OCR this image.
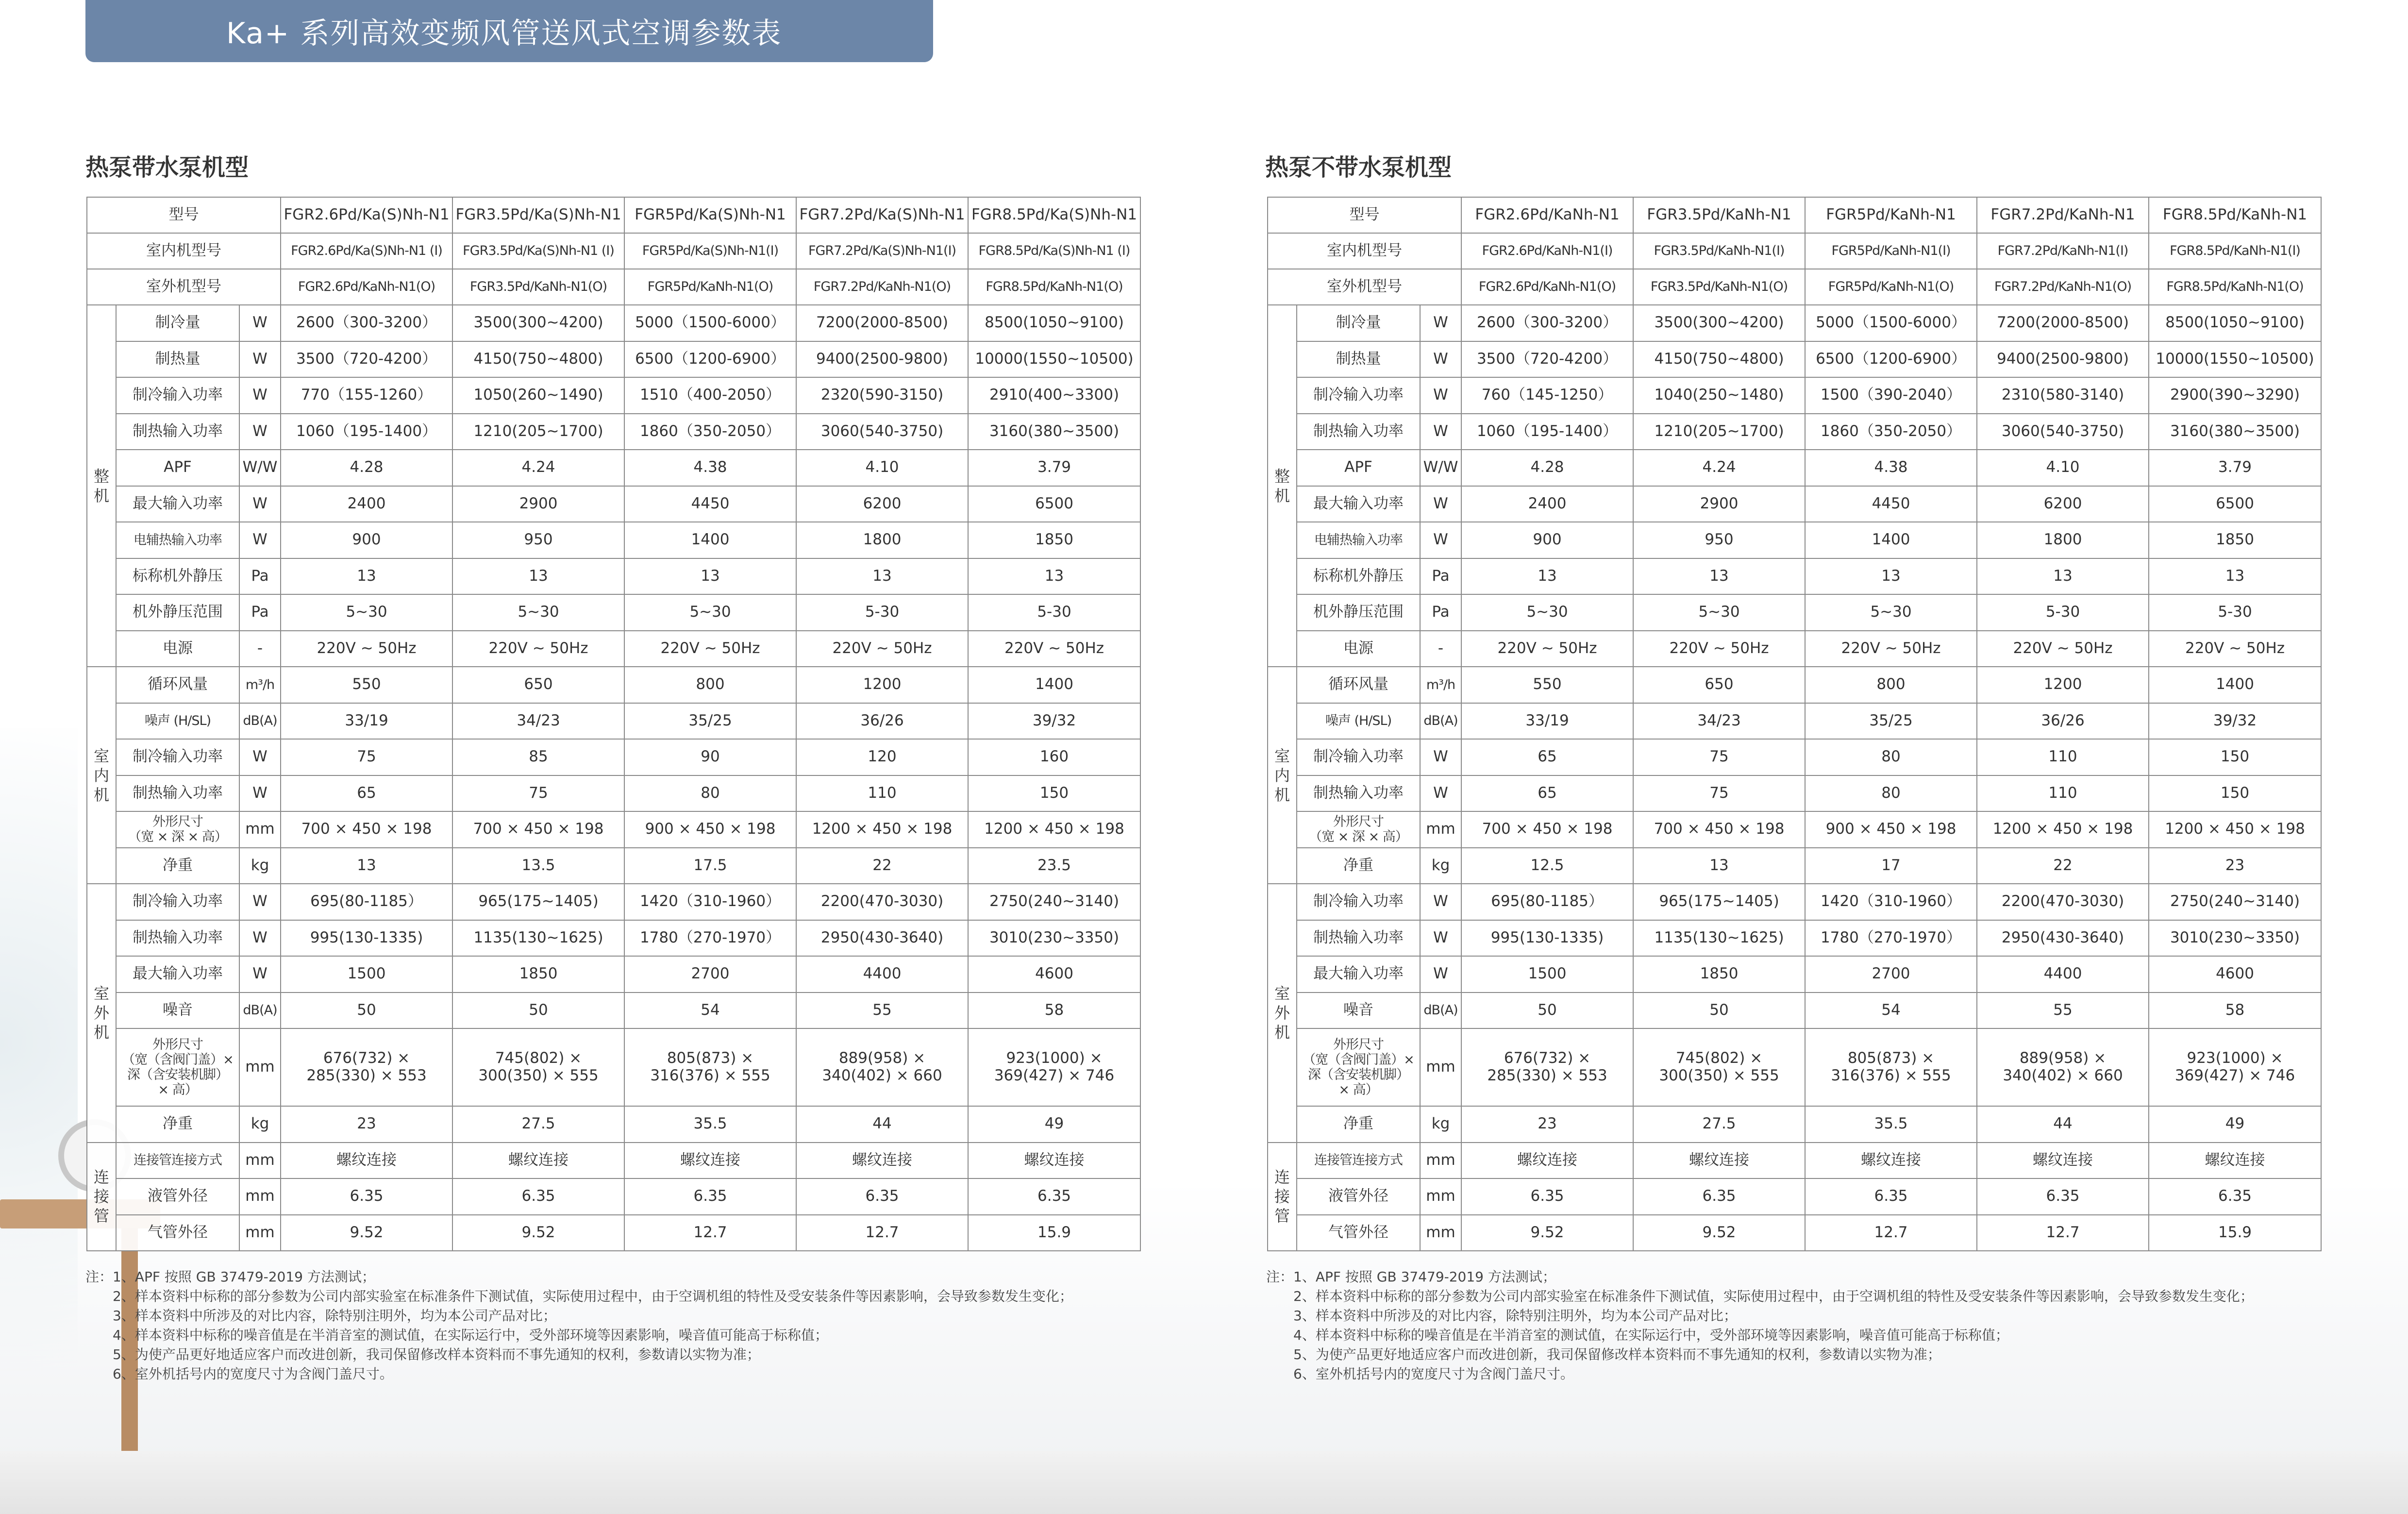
Ka+ 系列高效变频风管送风式空调参数表
热泵带水泵机型	热泵不带水泵机型
型号			FGR2.6Pd/Ka(S)Nh-N1	FGR3.5Pd/Ka(S)Nh-N1	FGR5Pd/Ka(S)Nh-N1	FGR7.2Pd/Ka(S)Nh-N1	FGR8.5Pd/Ka(S)Nh-N1
室内机型号			FGR2.6Pd/Ka(S)Nh-N1 (I)	FGR3.5Pd/Ka(S)Nh-N1 (I)	FGR5Pd/Ka(S)Nh-N1(I)	FGR7.2Pd/Ka(S)Nh-N1(I)	FGR8.5Pd/Ka(S)Nh-N1 (I)
室外机型号			FGR2.6Pd/KaNh-N1(O)	FGR3.5Pd/KaNh-N1(O)	FGR5Pd/KaNh-N1(O)	FGR7.2Pd/KaNh-N1(O)	FGR8.5Pd/KaNh-N1(O)
整
机	制冷量	W	2600（300-3200）	3500(300~4200)	5000（1500-6000）	7200(2000-8500)	8500(1050~9100)
	制热量	W	3500（720-4200）	4150(750~4800)	6500（1200-6900）	9400(2500-9800)	10000(1550~10500)
	制冷输入功率	W	770（155-1260）	1050(260~1490)	1510（400-2050）	2320(590-3150)	2910(400~3300)
	制热输入功率	W	1060（195-1400）	1210(205~1700)	1860（350-2050）	3060(540-3750)	3160(380~3500)
	APF	W/W	4.28	4.24	4.38	4.10	3.79
	最大输入功率	W	2400	2900	4450	6200	6500
	电辅热输入功率	W	900	950	1400	1800	1850
	标称机外静压	Pa	13	13	13	13	13
	机外静压范围	Pa	5~30	5~30	5~30	5-30	5-30
	电源	-	220V ~ 50Hz	220V ~ 50Hz	220V ~ 50Hz	220V ~ 50Hz	220V ~ 50Hz
室
内
机	循环风量	m³/h	550	650	800	1200	1400
	噪声 (H/SL)	dB(A)	33/19	34/23	35/25	36/26	39/32
	制冷输入功率	W	75	85	90	120	160
	制热输入功率	W	65	75	80	110	150
	外形尺寸
（宽 × 深 × 高）	mm	700 × 450 × 198	700 × 450 × 198	900 × 450 × 198	1200 × 450 × 198	1200 × 450 × 198
	净重	kg	13	13.5	17.5	22	23.5
室
外
机	制冷输入功率	W	695(80-1185）	965(175~1405)	1420（310-1960）	2200(470-3030)	2750(240~3140)
	制热输入功率	W	995(130-1335)	1135(130~1625)	1780（270-1970）	2950(430-3640)	3010(230~3350)
	最大输入功率	W	1500	1850	2700	4400	4600
	噪音	dB(A)	50	50	54	55	58
	外形尺寸
（宽（含阀门盖）×
深（含安装机脚）
× 高）	mm	676(732) ×
285(330) × 553	745(802) ×
300(350) × 555	805(873) ×
316(376) × 555	889(958) ×
340(402) × 660	923(1000) ×
369(427) × 746
	净重	kg	23	27.5	35.5	44	49
连
接
管	连接管连接方式	mm	螺纹连接	螺纹连接	螺纹连接	螺纹连接	螺纹连接
	液管外径	mm	6.35	6.35	6.35	6.35	6.35
	气管外径	mm	9.52	9.52	12.7	12.7	15.9
型号			FGR2.6Pd/KaNh-N1	FGR3.5Pd/KaNh-N1	FGR5Pd/KaNh-N1	FGR7.2Pd/KaNh-N1	FGR8.5Pd/KaNh-N1
室内机型号			FGR2.6Pd/KaNh-N1(I)	FGR3.5Pd/KaNh-N1(I)	FGR5Pd/KaNh-N1(I)	FGR7.2Pd/KaNh-N1(I)	FGR8.5Pd/KaNh-N1(I)
室外机型号			FGR2.6Pd/KaNh-N1(O)	FGR3.5Pd/KaNh-N1(O)	FGR5Pd/KaNh-N1(O)	FGR7.2Pd/KaNh-N1(O)	FGR8.5Pd/KaNh-N1(O)
整
机	制冷量	W	2600（300-3200）	3500(300~4200)	5000（1500-6000）	7200(2000-8500)	8500(1050~9100)
	制热量	W	3500（720-4200）	4150(750~4800)	6500（1200-6900）	9400(2500-9800)	10000(1550~10500)
	制冷输入功率	W	760（145-1250）	1040(250~1480)	1500（390-2040）	2310(580-3140)	2900(390~3290)
	制热输入功率	W	1060（195-1400）	1210(205~1700)	1860（350-2050）	3060(540-3750)	3160(380~3500)
	APF	W/W	4.28	4.24	4.38	4.10	3.79
	最大输入功率	W	2400	2900	4450	6200	6500
	电辅热输入功率	W	900	950	1400	1800	1850
	标称机外静压	Pa	13	13	13	13	13
	机外静压范围	Pa	5~30	5~30	5~30	5-30	5-30
	电源	-	220V ~ 50Hz	220V ~ 50Hz	220V ~ 50Hz	220V ~ 50Hz	220V ~ 50Hz
室
内
机	循环风量	m³/h	550	650	800	1200	1400
	噪声 (H/SL)	dB(A)	33/19	34/23	35/25	36/26	39/32
	制冷输入功率	W	65	75	80	110	150
	制热输入功率	W	65	75	80	110	150
	外形尺寸
（宽 × 深 × 高）	mm	700 × 450 × 198	700 × 450 × 198	900 × 450 × 198	1200 × 450 × 198	1200 × 450 × 198
	净重	kg	12.5	13	17	22	23
室
外
机	制冷输入功率	W	695(80-1185）	965(175~1405)	1420（310-1960）	2200(470-3030)	2750(240~3140)
	制热输入功率	W	995(130-1335)	1135(130~1625)	1780（270-1970）	2950(430-3640)	3010(230~3350)
	最大输入功率	W	1500	1850	2700	4400	4600
	噪音	dB(A)	50	50	54	55	58
	外形尺寸
（宽（含阀门盖）×
深（含安装机脚）
× 高）	mm	676(732) ×
285(330) × 553	745(802) ×
300(350) × 555	805(873) ×
316(376) × 555	889(958) ×
340(402) × 660	923(1000) ×
369(427) × 746
	净重	kg	23	27.5	35.5	44	49
连
接
管	连接管连接方式	mm	螺纹连接	螺纹连接	螺纹连接	螺纹连接	螺纹连接
	液管外径	mm	6.35	6.35	6.35	6.35	6.35
	气管外径	mm	9.52	9.52	12.7	12.7	15.9
注：1、APF 按照 GB 37479-2019 方法测试；
2、样本资料中标称的部分参数为公司内部实验室在标准条件下测试值，实际使用过程中，由于空调机组的特性及受安装条件等因素影响，会导致参数发生变化；
3、样本资料中所涉及的对比内容，除特别注明外，均为本公司产品对比；
4、样本资料中标称的噪音值是在半消音室的测试值，在实际运行中，受外部环境等因素影响，噪音值可能高于标称值；
5、为使产品更好地适应客户而改进创新，我司保留修改样本资料而不事先通知的权利，参数请以实物为准；
6、室外机括号内的宽度尺寸为含阀门盖尺寸。
注：1、APF 按照 GB 37479-2019 方法测试；
2、样本资料中标称的部分参数为公司内部实验室在标准条件下测试值，实际使用过程中，由于空调机组的特性及受安装条件等因素影响，会导致参数发生变化；
3、样本资料中所涉及的对比内容，除特别注明外，均为本公司产品对比；
4、样本资料中标称的噪音值是在半消音室的测试值，在实际运行中，受外部环境等因素影响，噪音值可能高于标称值；
5、为使产品更好地适应客户而改进创新，我司保留修改样本资料而不事先通知的权利，参数请以实物为准；
6、室外机括号内的宽度尺寸为含阀门盖尺寸。
